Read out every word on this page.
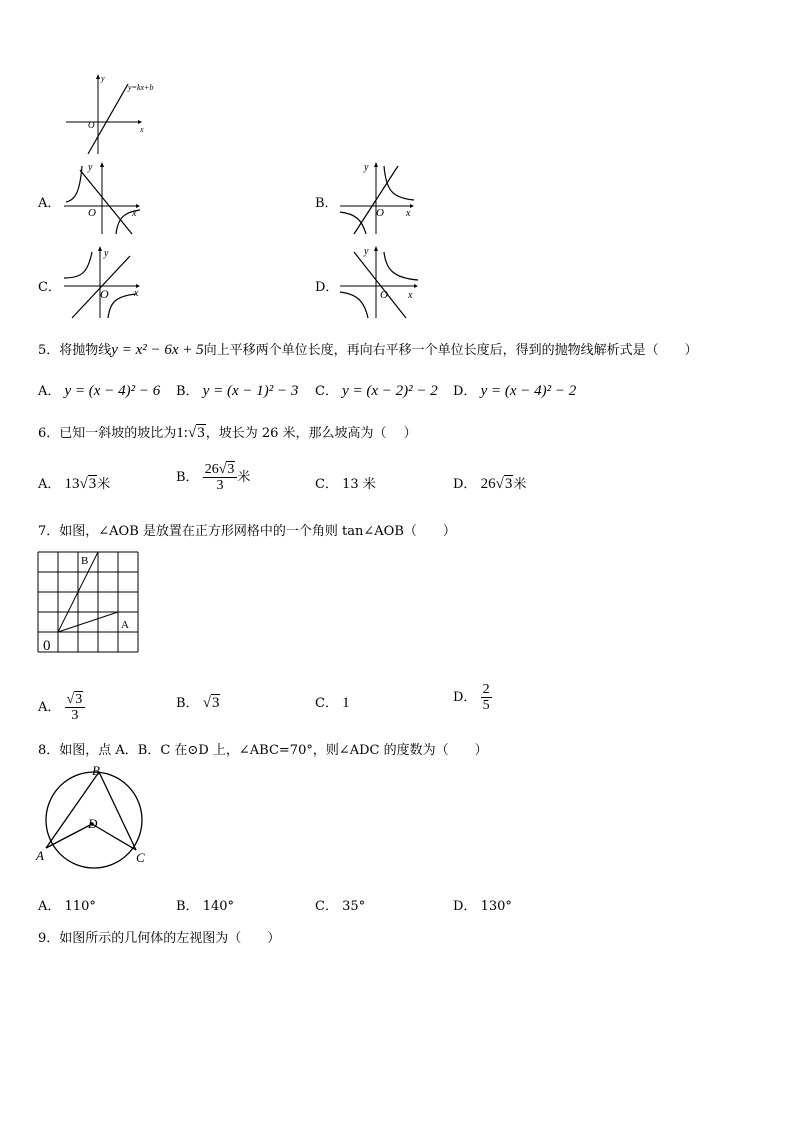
y
y=kx+b
O	x
A．
y
O	x
B．
y
O x
C．
y
O	x	D．
y
O x
5．将抛物线y = x² − 6x + 5向上平移两个单位长度，再向右平移一个单位长度后，得到的抛物线解析式是（　　）
A． y = (x − 4)² − 6 B． y = (x − 1)² − 3 C． y = (x − 2)² − 2 D． y = (x − 4)² − 2
6．已知一斜坡的坡比为1:√3，坡长为 26 米，那么坡高为（　 ）
A． 13√3米	B． $\frac{26√3}{3}$ 米	C． 13 米	D． 26√3米
7．如图，∠AOB 是放置在正方形网格中的一个角则 tan∠AOB（　　）
B
A
0
A． $\frac{√3}{3}$	B． √3	C． 1	D． $\frac{2}{5}$
8．如图，点 A．B．C 在⊙D 上，∠ABC=70°，则∠ADC 的度数为（　　）
B
D
A	C
A． 110°	B． 140°	C． 35°	D． 130°
9．如图所示的几何体的左视图为（　　）
